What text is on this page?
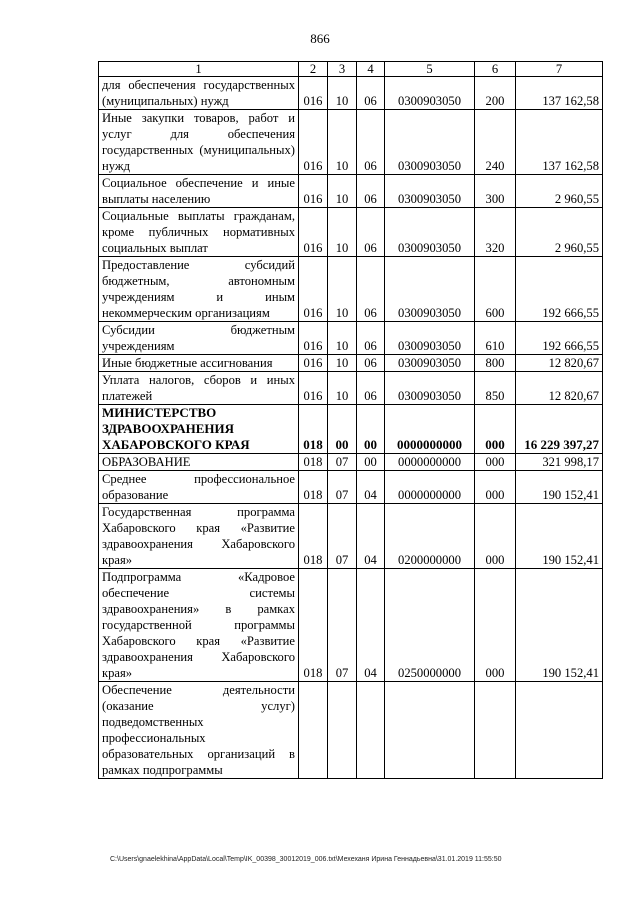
866
1	2	3	4	5	6	7
для обеспечения государственных (муниципальных) нужд	016	10	06	0300903050	200	137 162,58
Иные закупки товаров, работ и услуг для обеспечения государственных (муниципальных) нужд	016	10	06	0300903050	240	137 162,58
Социальное обеспечение и иные выплаты населению	016	10	06	0300903050	300	2 960,55
Социальные выплаты гражданам, кроме публичных нормативных социальных выплат	016	10	06	0300903050	320	2 960,55
Предоставление субсидий бюджетным, автономным учреждениям и иным некоммерческим организациям	016	10	06	0300903050	600	192 666,55
Субсидии бюджетным учреждениям	016	10	06	0300903050	610	192 666,55
Иные бюджетные ассигнования	016	10	06	0300903050	800	12 820,67
Уплата налогов, сборов и иных платежей	016	10	06	0300903050	850	12 820,67
МИНИСТЕРСТВО ЗДРАВООХРАНЕНИЯ ХАБАРОВСКОГО КРАЯ	018	00	00	0000000000	000	16 229 397,27
ОБРАЗОВАНИЕ	018	07	00	0000000000	000	321 998,17
Среднее профессиональное образование	018	07	04	0000000000	000	190 152,41
Государственная программа Хабаровского края «Развитие здравоохранения Хабаровского края»	018	07	04	0200000000	000	190 152,41
Подпрограмма «Кадровое обеспечение системы здравоохранения» в рамках государственной программы Хабаровского края «Развитие здравоохранения Хабаровского края»	018	07	04	0250000000	000	190 152,41
Обеспечение деятельности (оказание услуг) подведомственных профессиональных образовательных организаций в рамках подпрограммы						
C:\Users\gnaelekhina\AppData\Local\Temp\IK_00398_30012019_006.txt\Мехеханя Ирина Геннадьевна\31.01.2019 11:55:50
